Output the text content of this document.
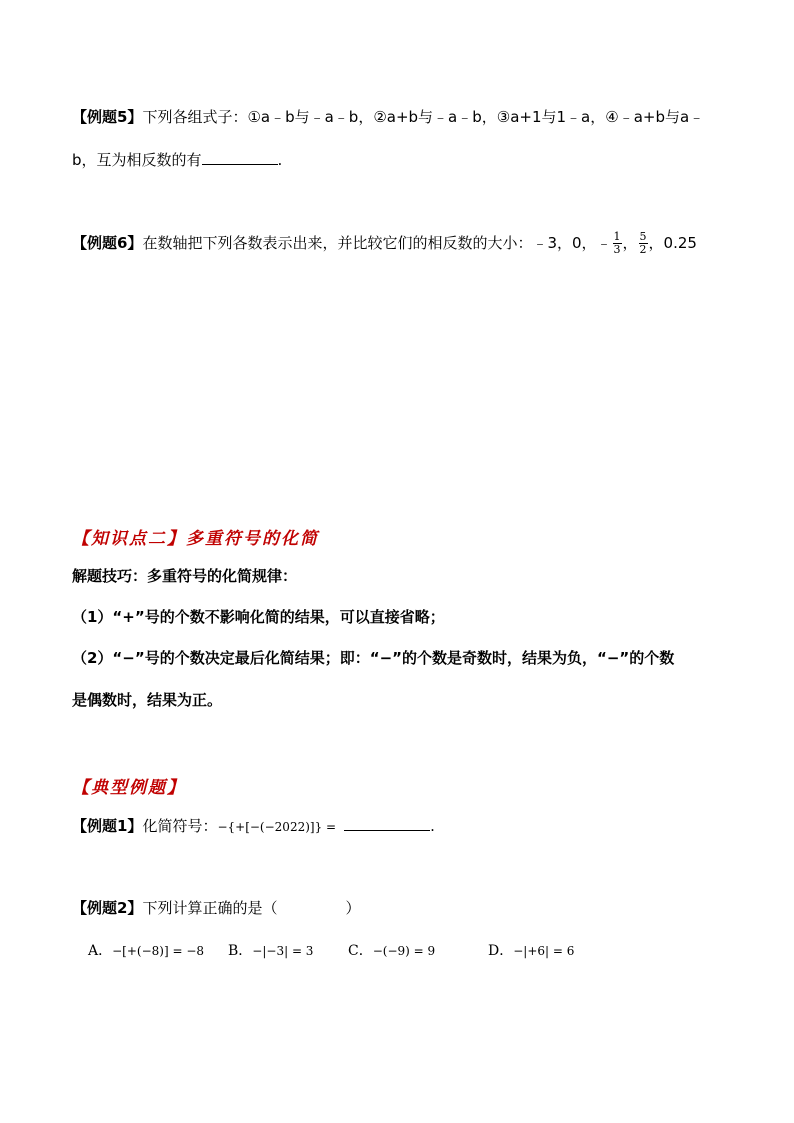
【例题5】下列各组式子：①a﹣b与﹣a﹣b，②a+b与﹣a﹣b，③a+1与1﹣a，④﹣a+b与a﹣
b，互为相反数的有	.
【例题6】在数轴把下列各数表示出来，并比较它们的相反数的大小：﹣3，0，﹣ $\frac{1}{3}$ ， $\frac{5}{2}$ ，0.25
【知识点二】多重符号的化简
解题技巧：多重符号的化简规律：
（1）“+”号的个数不影响化简的结果，可以直接省略；
（2）“−”号的个数决定最后化简结果；即：“−”的个数是奇数时，结果为负，“−”的个数
是偶数时，结果为正。
【典型例题】
【例题1】化简符号：−{+[−(−2022)]} =	.
【例题2】下列计算正确的是（	）
A．−[+(−8)] = −8 B．−|−3| = 3 C．−(−9) = 9	D．−|+6| = 6
